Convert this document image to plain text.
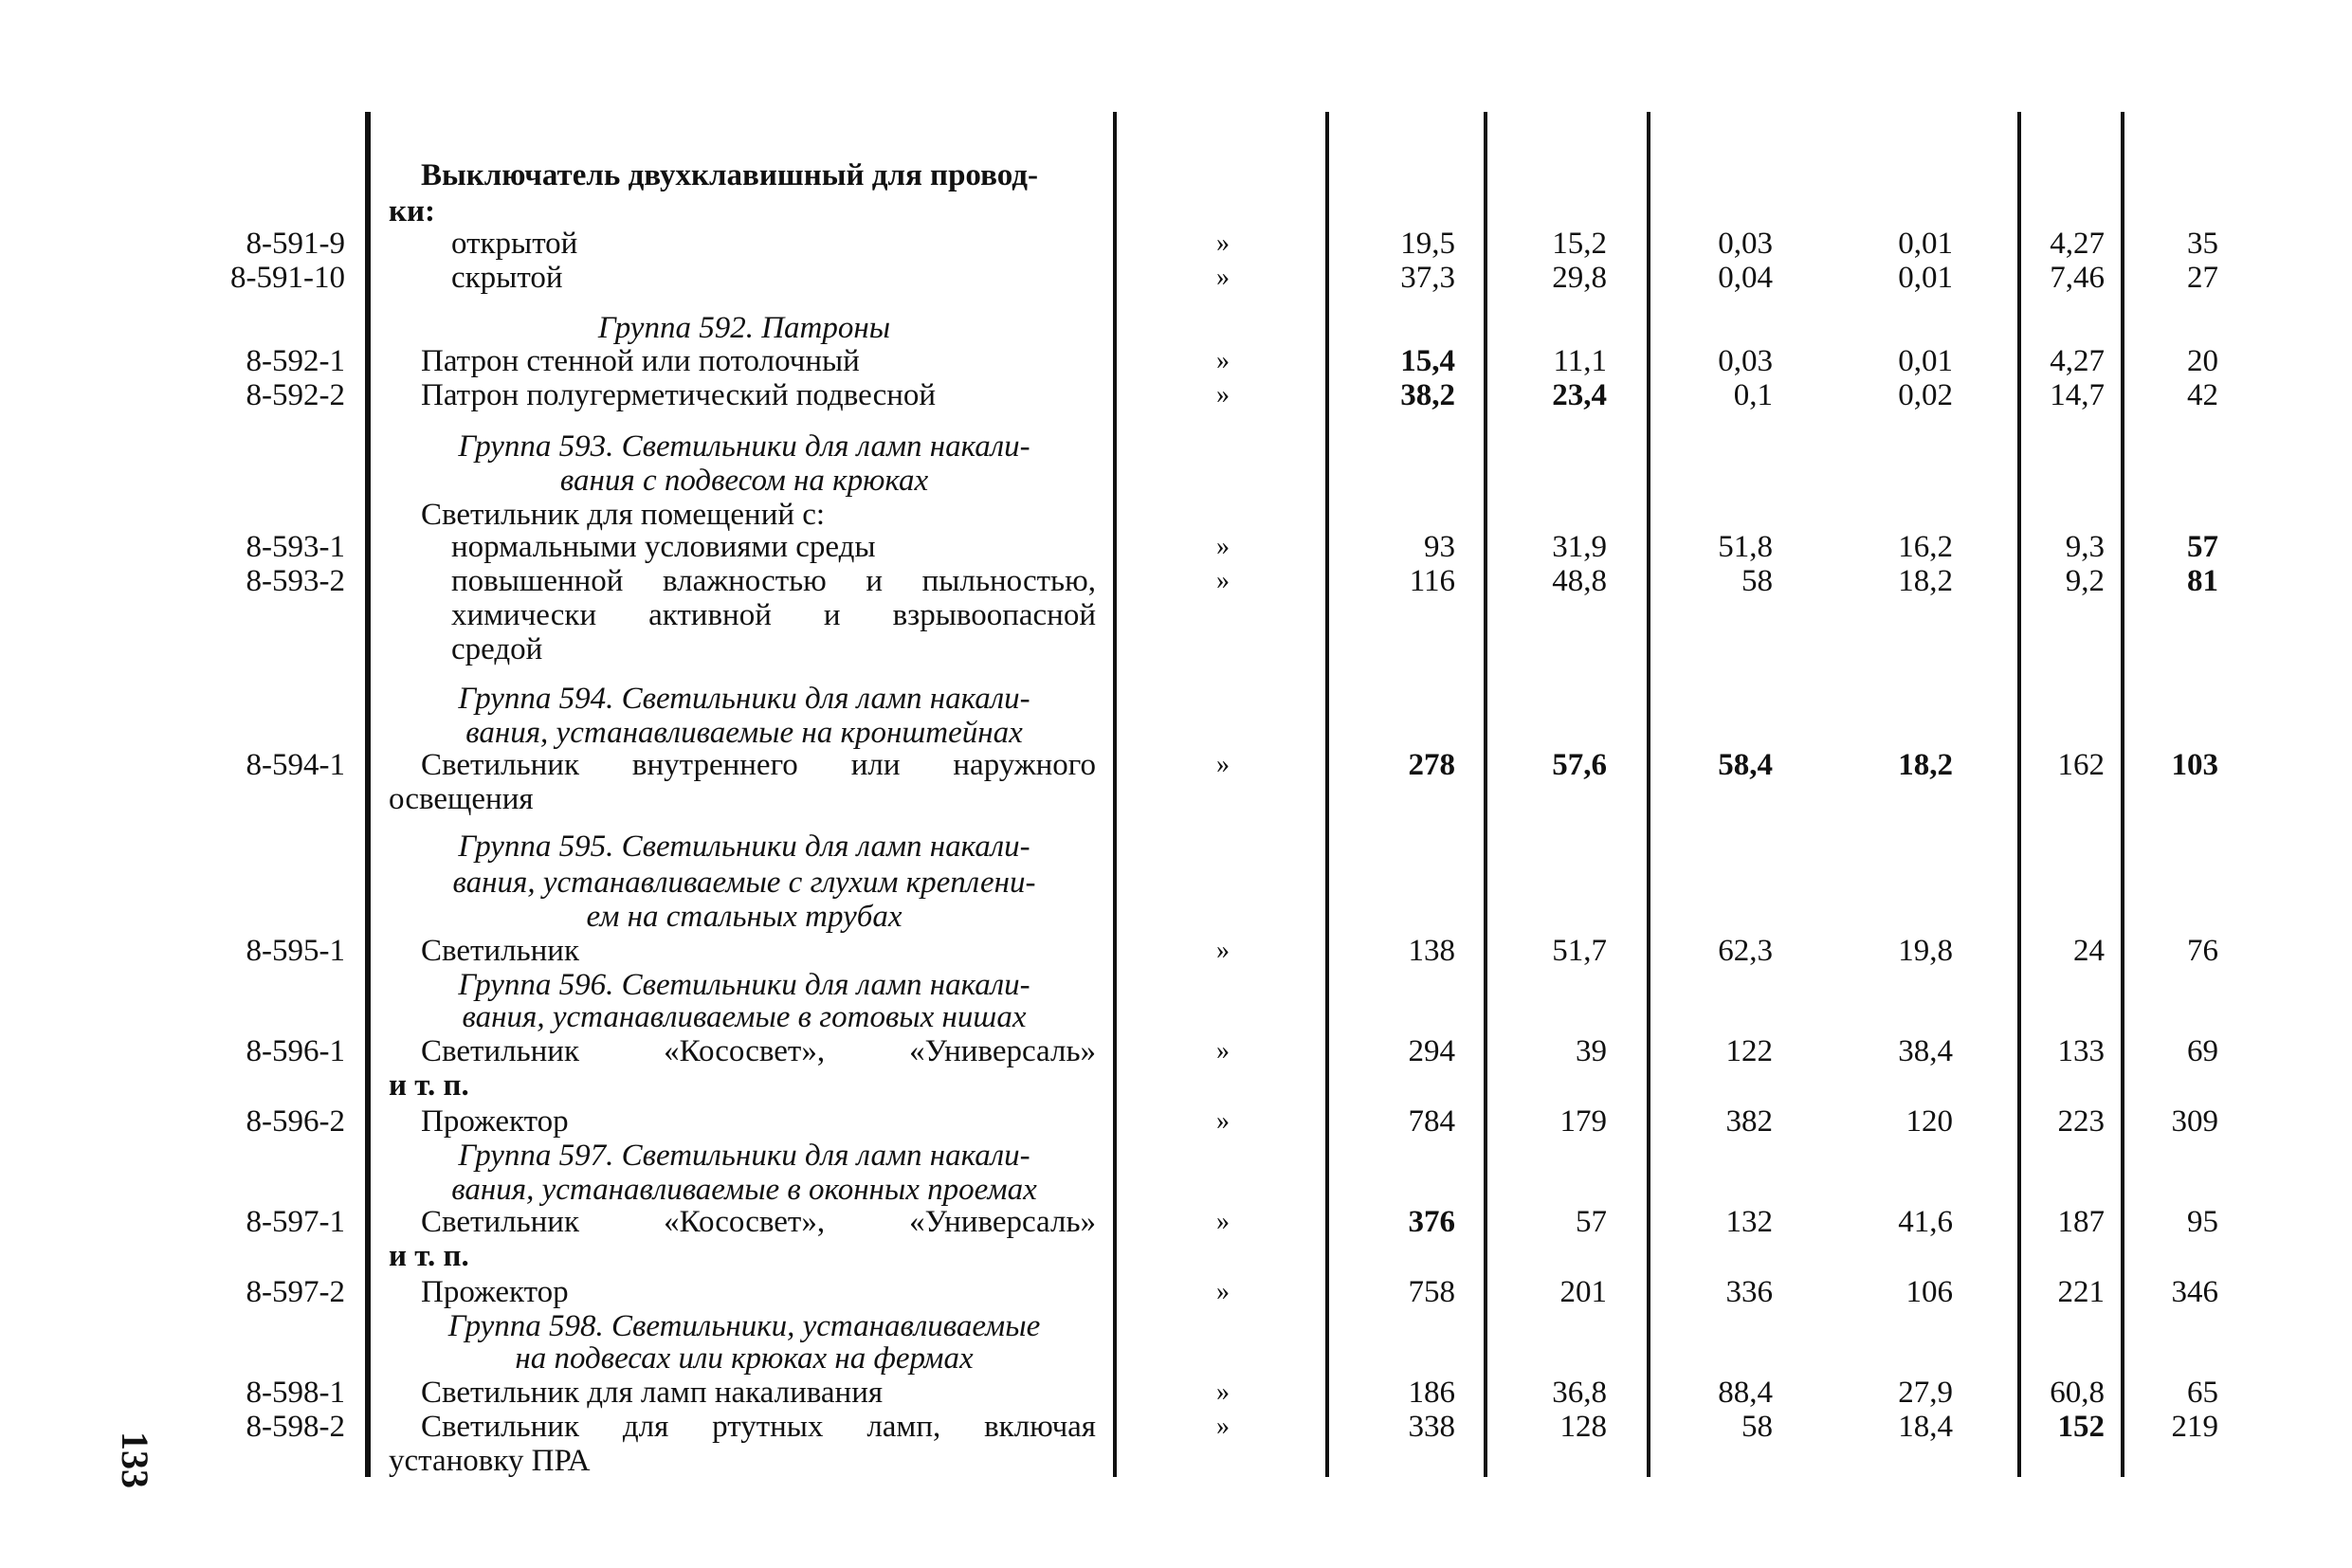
Выключатель двухклавишный для провод-
ки:
8-591-9	открытой	»	19,5	15,2	0,03	0,01	4,27	35
8-591-10	скрытой	»	37,3	29,8	0,04	0,01	7,46	27
Группа 592. Патроны
8-592-1 Патрон стенной или потолочный	»	15,4	11,1	0,03	0,01	4,27	20
8-592-2 Патрон полугерметический подвесной	»	38,2	23,4	0,1	0,02	14,7	42
Группа 593. Светильники для ламп накали-
вания с подвесом на крюках
Светильник для помещений с:
8-593-1	нормальными условиями среды	»	93	31,9	51,8	16,2	9,3	57
8-593-2	повышенной влажностью и пыльностью,	»	116	48,8	58	18,2	9,2	81
химически активной и взрывоопасной
средой
Группа 594. Светильники для ламп накали-
вания, устанавливаемые на кронштейнах
8-594-1 Светильник внутреннего или наружного	»	278	57,6	58,4	18,2	162	103
освещения
Группа 595. Светильники для ламп накали-
вания, устанавливаемые с глухим креплени-
ем на стальных трубах
8-595-1 Светильник	»	138	51,7	62,3	19,8	24	76
Группа 596. Светильники для ламп накали-
вания, устанавливаемые в готовых нишах
8-596-1 Светильник «Кососвет», «Универсаль»	»	294	39	122	38,4	133	69
и т. п.
8-596-2 Прожектор	»	784	179	382	120	223	309
Группа 597. Светильники для ламп накали-
вания, устанавливаемые в оконных проемах
8-597-1 Светильник «Кососвет», «Универсаль»	»	376	57	132	41,6	187	95
и т. п.
8-597-2 Прожектор	»	758	201	336	106	221	346
Группа 598. Светильники, устанавливаемые
на подвесах или крюках на фермах
8-598-1 Светильник для ламп накаливания	»	186	36,8	88,4	27,9	60,8	65
8-598-2 Светильник для ртутных ламп, включая	»	338	128	58	18,4	152	219
установку ПРА
133
